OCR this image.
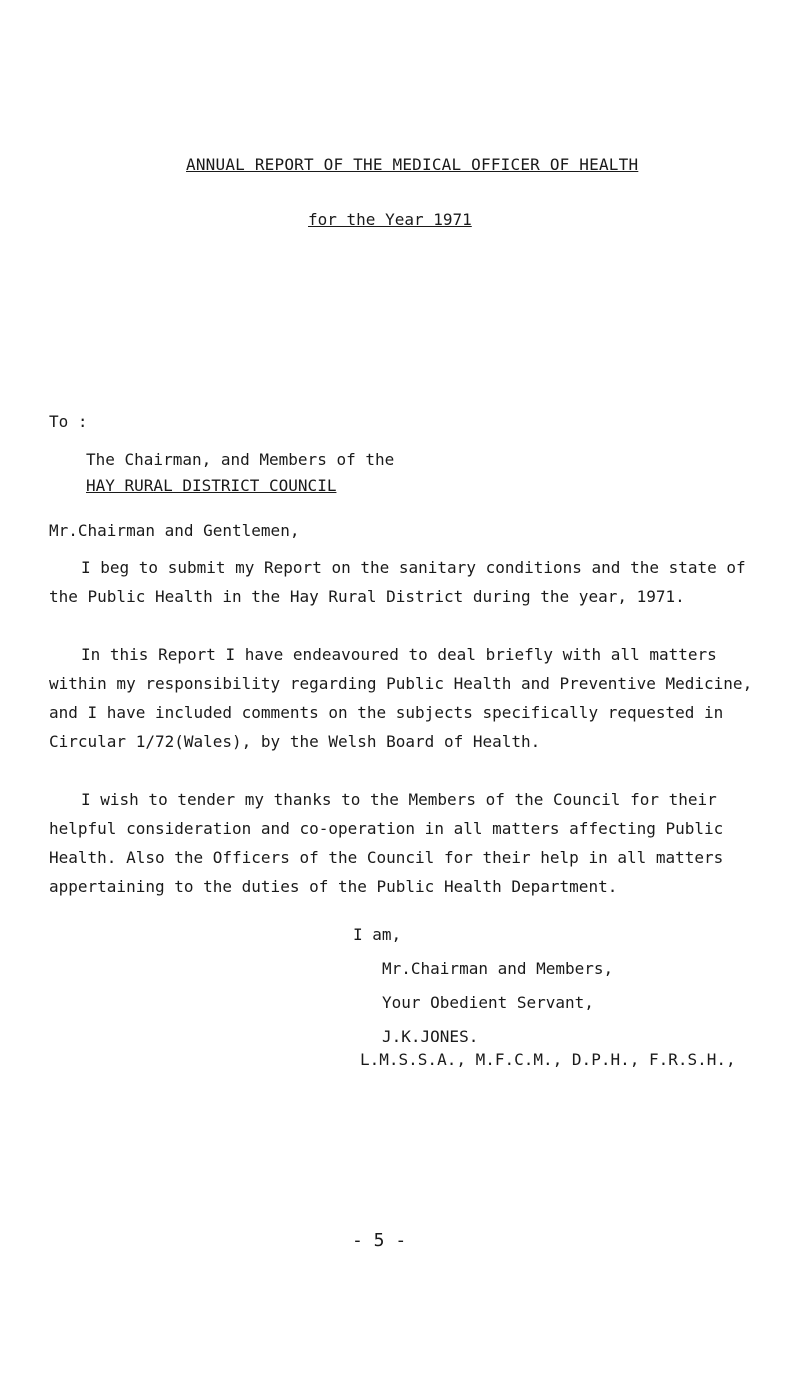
ANNUAL REPORT OF THE MEDICAL OFFICER OF HEALTH
for the Year 1971
To :
The Chairman, and Members of the
HAY RURAL DISTRICT COUNCIL
Mr.Chairman and Gentlemen,

I beg to submit my Report on the sanitary conditions and the state of the Public Health in the Hay Rural District during the year, 1971.

In this Report I have endeavoured to deal briefly with all matters within my responsibility regarding Public Health and Preventive Medicine, and I have included comments on the subjects specifically requested in Circular 1/72(Wales), by the Welsh Board of Health.

I wish to tender my thanks to the Members of the Council for their helpful consideration and co-operation in all matters affecting Public Health. Also the Officers of the Council for their help in all matters appertaining to the duties of the Public Health Department.

I am,
Mr.Chairman and Members,
Your Obedient Servant,
J.K.JONES.
L.M.S.S.A., M.F.C.M., D.P.H., F.R.S.H.,
- 5 -
